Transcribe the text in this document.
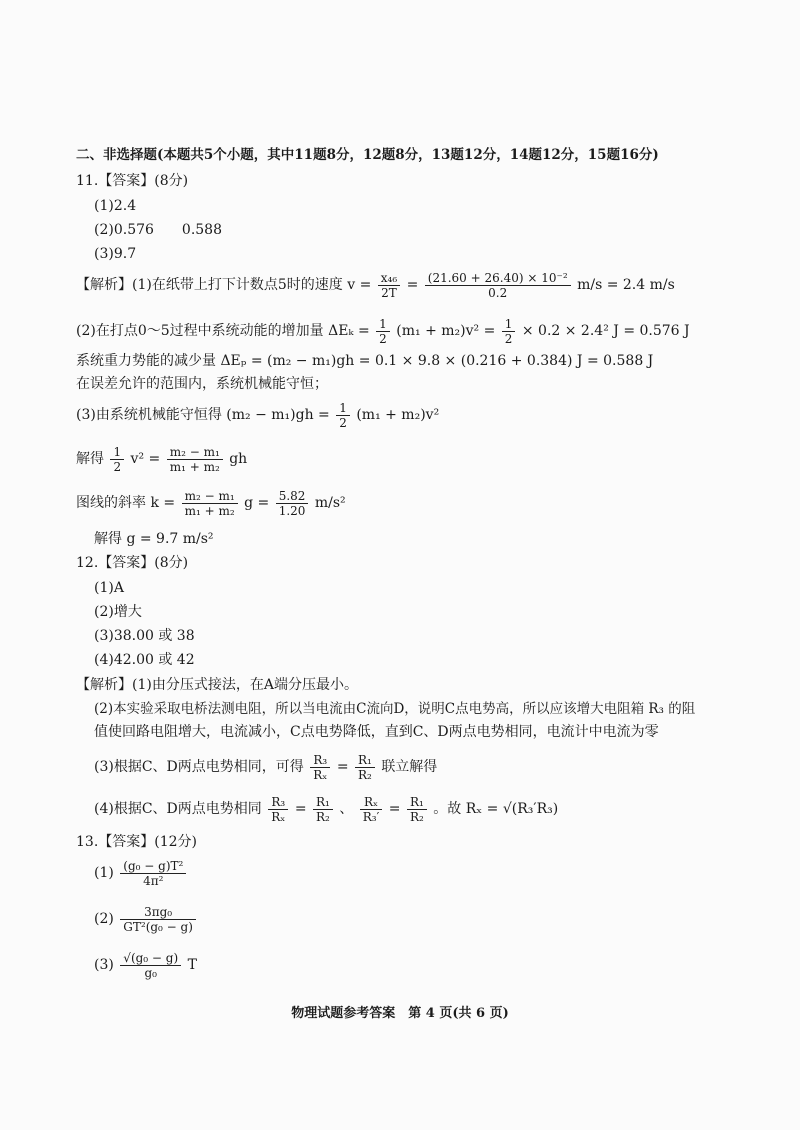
二、非选择题(本题共5个小题，其中11题8分，12题8分，13题12分，14题12分，15题16分)
11.【答案】(8分)
(1)2.4
(2)0.576　　0.588
(3)9.7
【解析】(1)在纸带上打下计数点5时的速度 $v = \frac{\text{x₄₆}}{2T} = \frac{\text{(21.60 + 26.40) × 10⁻²}}{0.2} m/s = 2.4$ m/s
(2)在打点0～5过程中系统动能的增加量 $\Delta E_k = \frac{1}{2} (m_1 + m_2)v^2 = \frac{1}{2} \times 0.2 \times 2.4^2$ J = 0.576 J
系统重力势能的减少量 ΔEₚ = (m₂ − m₁)gh = 0.1 × 9.8 × (0.216 + 0.384) J = 0.588 J
在误差允许的范围内，系统机械能守恒；
(3)由系统机械能守恒得 $(m_2 - m_1)gh = \frac{1}{2} (m_1 + m_2)v^2$
解得 $\frac{1}{2} v^2 = \frac{\text{m₂ − m₁}}{\text{m₁ + m₂}}$ gh
图线的斜率 $k = \frac{\text{m₂ − m₁}}{\text{m₁ + m₂}}$ $g = \frac{5.82}{1.20} m/s^2$
解得 g = 9.7 m/s²
12.【答案】(8分)
(1)A
(2)增大
(3)38.00 或 38
(4)42.00 或 42
【解析】(1)由分压式接法，在A端分压最小。
(2)本实验采取电桥法测电阻，所以当电流由C流向D，说明C点电势高，所以应该增大电阻箱 R₃ 的阻
值使回路电阻增大，电流减小，C点电势降低，直到C、D两点电势相同，电流计中电流为零
(3)根据C、D两点电势相同，可得 $\frac{\text{R₃}}{\text{Rₓ}} = \frac{\text{R₁}}{\text{R₂}}$ 联立解得
(4)根据C、D两点电势相同 $\frac{\text{R₃}}{\text{Rₓ}} = \frac{\text{R₁}}{\text{R₂}}$ 、 $\frac{\text{Rₓ}}{\text{R₃′}} = \frac{\text{R₁}}{\text{R₂}}$ 。故 Rₓ = √(R₃′R₃)
13.【答案】(12分)
$(1) \frac{\text{(g₀ − g)T²}}{\text{4π²}}$
$(2) \frac{\text{3πg₀}}{\text{GT²(g₀ − g)}}$
$(3) \frac{\text{√(g₀ − g)}}{\text{g₀}}$ T
物理试题参考答案　第 4 页(共 6 页)
